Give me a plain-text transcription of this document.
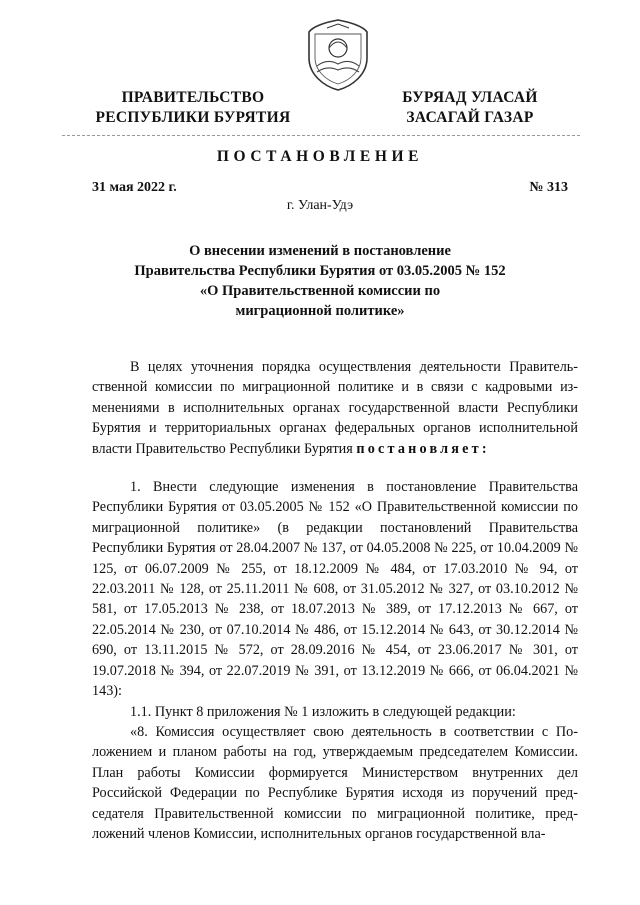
ПРАВИТЕЛЬСТВО
РЕСПУБЛИКИ БУРЯТИЯ
БУРЯАД УЛАСАЙ
ЗАСАГАЙ ГАЗАР
ПОСТАНОВЛЕНИЕ
31 мая 2022 г.	№ 313
г. Улан-Удэ
О внесении изменений в постановление
Правительства Республики Бурятия от 03.05.2005 № 152
«О Правительственной комиссии по
миграционной политике»

В целях уточнения порядка осуществления деятельности Правительственной комиссии по миграционной политике и в связи с кадровыми изменениями в исполнительных органах государственной власти Республики Бурятия и территориальных органах федеральных органов исполнительной власти Правительство Республики Бурятия постановляет:

1. Внести следующие изменения в постановление Правительства Республики Бурятия от 03.05.2005 № 152 «О Правительственной комиссии по миграционной политике» (в редакции постановлений Правительства Республики Бурятия от 28.04.2007 № 137, от 04.05.2008 № 225, от 10.04.2009 № 125, от 06.07.2009 № 255, от 18.12.2009 № 484, от 17.03.2010 № 94, от 22.03.2011 № 128, от 25.11.2011 № 608, от 31.05.2012 № 327, от 03.10.2012 № 581, от 17.05.2013 № 238, от 18.07.2013 № 389, от 17.12.2013 № 667, от 22.05.2014 № 230, от 07.10.2014 № 486, от 15.12.2014 № 643, от 30.12.2014 № 690, от 13.11.2015 № 572, от 28.09.2016 № 454, от 23.06.2017 № 301, от 19.07.2018 № 394, от 22.07.2019 № 391, от 13.12.2019 № 666, от 06.04.2021 № 143):

1.1. Пункт 8 приложения № 1 изложить в следующей редакции:

«8. Комиссия осуществляет свою деятельность в соответствии с Положением и планом работы на год, утверждаемым председателем Комиссии. План работы Комиссии формируется Министерством внутренних дел Российской Федерации по Республике Бурятия исходя из поручений председателя Правительственной комиссии по миграционной политике, предложений членов Комиссии, исполнительных органов государственной вла-
